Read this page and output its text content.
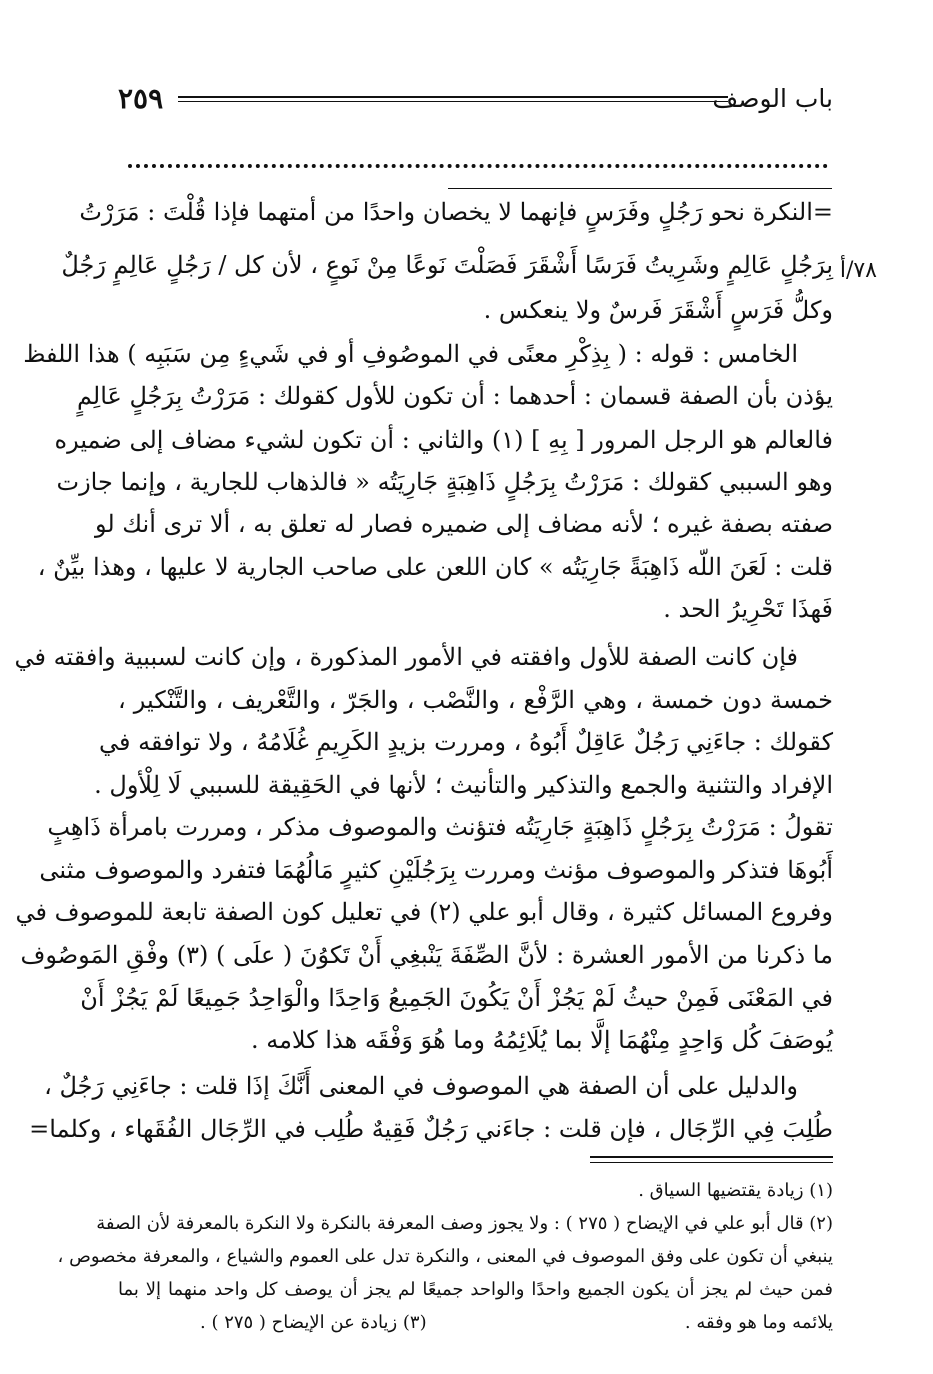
باب الوصف
٢٥٩
٧٨/أ
=النكرة نحو رَجُلٍ وفَرَسٍ فإنهما لا يخصان واحدًا من أمتهما فإذا قُلْتَ : مَرَرْتُ
بِرَجُلٍ عَالِمٍ وشَرِيتُ فَرَسًا أَشْقَرَ فَصَلْتَ نَوعًا مِنْ نَوعٍ ، لأن كل / رَجُلٍ عَالِمٍ رَجُلٌ
وكلُّ فَرَسٍ أَشْقَرَ فَرسٌ ولا ينعكس .
الخامس : قوله : ( بِذِكْرِ معنًى في الموصُوفِ أو في شَيءٍ مِن سَبَبِه ) هذا اللفظ
يؤذن بأن الصفة قسمان : أحدهما : أن تكون للأول كقولك : مَرَرْتُ بِرَجُلٍ عَالِمٍ
فالعالم هو الرجل المرور [ بِهِ ] (١) والثاني : أن تكون لشيء مضاف إلى ضميره
وهو السببي كقولك : مَرَرْتُ بِرَجُلٍ ذَاهِبَةٍ جَارِيَتُه « فالذهاب للجارية ، وإنما جازت
صفته بصفة غيره ؛ لأنه مضاف إلى ضميره فصار له تعلق به ، ألا ترى أنك لو
قلت : لَعَنَ اللّه ذَاهِبَةً جَارِيَتُه » كان اللعن على صاحب الجارية لا عليها ، وهذا بيِّنٌ ،
فَهذَا تَحْرِيرُ الحد .
فإن كانت الصفة للأول وافقته في الأمور المذكورة ، وإن كانت لسببية وافقته في
خمسة دون خمسة ، وهي الرَّفْع ، والنَّصْب ، والجَرّ ، والتَّعْريف ، والتَّنْكير ،
كقولك : جاءَنِي رَجُلٌ عَاقِلٌ أَبُوهُ ، ومررت بزيدٍ الكَرِيمِ غُلَامُهُ ، ولا توافقه في
الإفراد والتثنية والجمع والتذكير والتأنيث ؛ لأنها في الحَقِيقة للسببي لَا لِلْأول .
تقولُ : مَرَرْتُ بِرَجُلٍ ذَاهِبَةٍ جَارِيَتُه فتؤنث والموصوف مذكر ، ومررت بامرأة ذَاهِبٍ
أَبُوهَا فتذكر والموصوف مؤنث ومررت بِرَجُلَيْنِ كثيرٍ مَالُهُمَا فتفرد والموصوف مثنى
وفروع المسائل كثيرة ، وقال أبو علي (٢) في تعليل كون الصفة تابعة للموصوف في
ما ذكرنا من الأمور العشرة : لأنَّ الصِّفَةَ يَنْبغِي أَنْ تَكوُنَ ( علَى ) (٣) وفْقِ المَوصُوف
في المَعْنَى فَمِنْ حيثُ لَمْ يَجُزْ أَنْ يَكُونَ الجَمِيعُ وَاحِدًا والْوَاحِدُ جَمِيعًا لَمْ يَجُزْ أَنْ
يُوصَفَ كُل وَاحِدٍ مِنْهُمَا إلَّا بما يُلَائِمُهُ وما هُوَ وَفْقَه هذا كلامه .
والدليل على أن الصفة هي الموصوف في المعنى أَنَّكَ إذَا قلت : جاءَنِي رَجُلٌ ،
طُلِبَ فِي الرِّجَال ، فإن قلت : جاءَني رَجُلٌ فَقِيهٌ طُلِب في الرِّجَال الفُقَهاء ، وكلما=
(١) زيادة يقتضيها السياق .
(٢) قال أبو علي في الإيضاح ( ٢٧٥ ) : ولا يجوز وصف المعرفة بالنكرة ولا النكرة بالمعرفة لأن الصفة
ينبغي أن تكون على وفق الموصوف في المعنى ، والنكرة تدل على العموم والشياع ، والمعرفة مخصوص ،
فمن حيث لم يجز أن يكون الجميع واحدًا والواحد جميعًا لم يجز أن يوصف كل واحد منهما إلا بما
يلائمه وما هو وفقه .
(٣) زيادة عن الإيضاح ( ٢٧٥ ) .
